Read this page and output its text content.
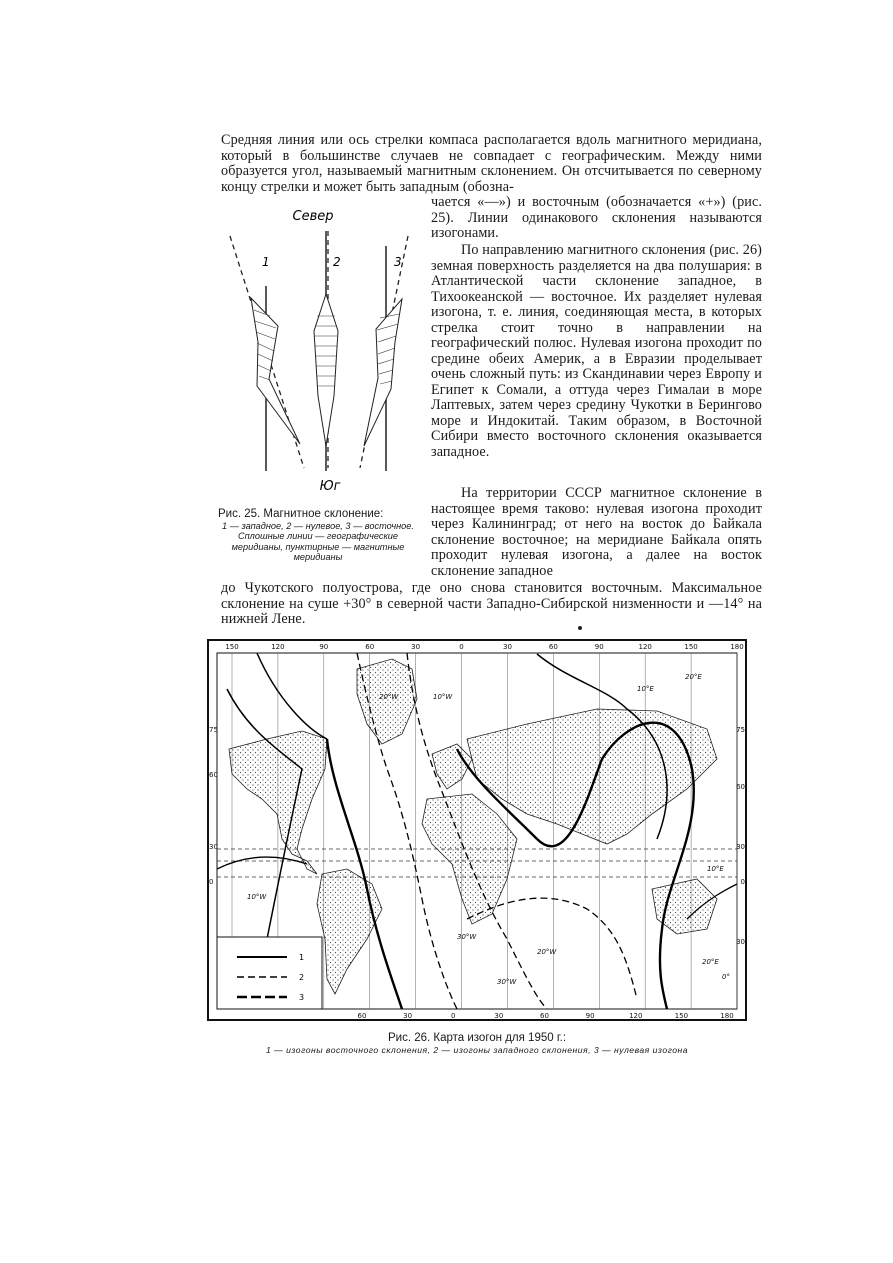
Средняя линия или ось стрелки компаса располагается вдоль магнитного меридиана, который в большинстве случаев не совпадает с географическим. Между ними образуется угол, называемый магнитным склонением. Он отсчитывается по северному концу стрелки и может быть западным (обозна-
чается «—») и восточным (обозначается «+») (рис. 25). Линии одинакового склонения называются изогонами.
По направлению магнитного склонения (рис. 26) земная поверхность разделяется на два полушария: в Атлантической части склонение западное, в Тихоокеанской — восточное. Их разделяет нулевая изогона, т. е. линия, соединяющая места, в которых стрелка стоит точно в направлении на географический полюс. Нулевая изогона проходит по средине обеих Америк, а в Евразии проделывает очень сложный путь: из Скандинавии через Европу и Египет к Сомали, а оттуда через Гималаи в море Лаптевых, затем через средину Чукотки в Берингово море и Индокитай. Таким образом, в Восточной Сибири вместо восточного склонения оказывается западное.
На территории СССР магнитное склонение в настоящее время таково: нулевая изогона проходит через Калининград; от него на восток до Байкала склонение восточное; на меридиане Байкала опять проходит нулевая изогона, а далее на восток склонение западное
до Чукотского полуострова, где оно снова становится восточным. Максимальное склонение на суше +30° в северной части Западно-Сибирской низменности и —14° на нижней Лене.
Север
Юг
1	2	3
Рис. 25. Магнитное склонение:
1 — западное, 2 — нулевое, 3 — восточное. Сплошные линии — географические меридианы, пунктирные — магнитные меридианы
10°W
20°W
30°W
10°E
20°E
0°
10°W
20°W
30°W
20°E
10°E
1
2
3
150	120	90	60	30	0	30	60	90	120	150	180
60	30	0	30	60	90	120	150	180
75
60
30
0
75
60
30
0
30
Рис. 26. Карта изогон для 1950 г.:
1 — изогоны восточного склонения, 2 — изогоны западного склонения, 3 — нулевая изогона
